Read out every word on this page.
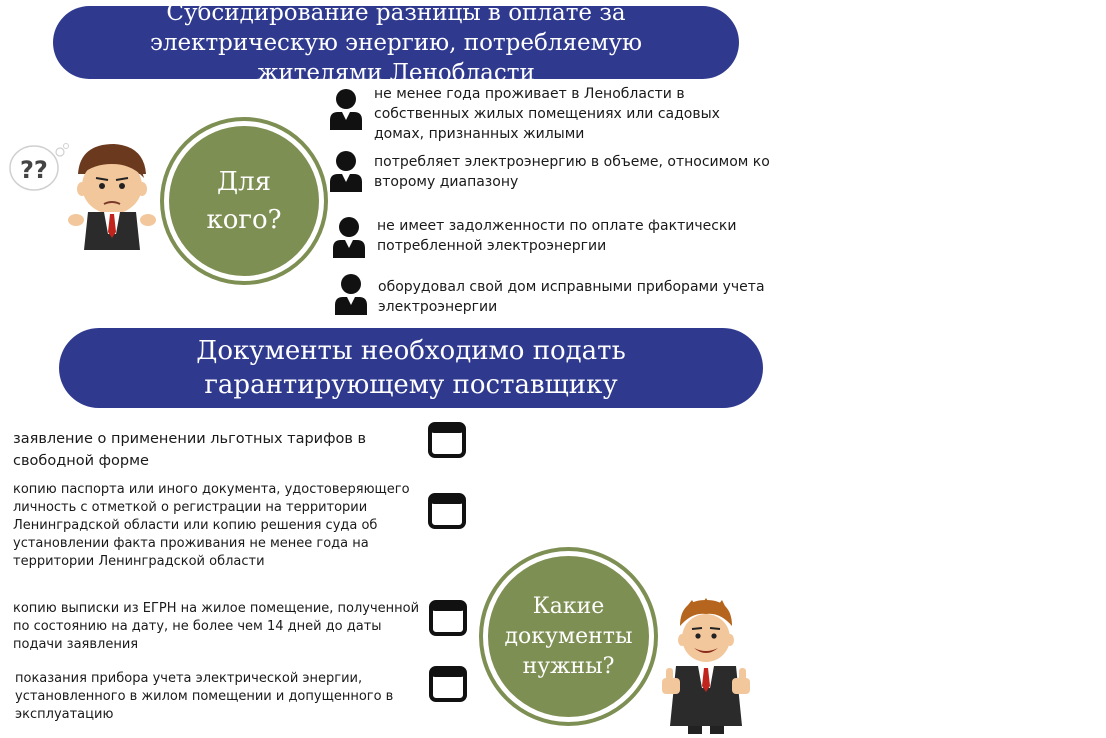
Субсидирование разницы в оплате за электрическую энергию, потребляемую жителями Ленобласти
??	Для
кого?
не менее года проживает в Ленобласти в собственных жилых помещениях или садовых домах, признанных жилыми
потребляет электроэнергию в объеме, относимом ко второму диапазону
не имеет задолженности по оплате фактически потребленной электроэнергии
оборудовал свой дом исправными приборами учета электроэнергии
Документы необходимо подать гарантирующему поставщику
заявление о применении льготных тарифов в свободной форме
копию паспорта или иного документа, удостоверяющего личность с отметкой о регистрации на территории Ленинградской области или копию решения суда об установлении факта проживания не менее года на территории Ленинградской области
копию выписки из ЕГРН на жилое помещение, полученной по состоянию на дату, не более чем 14 дней до даты подачи заявления
показания прибора учета электрической энергии, установленного в жилом помещении и допущенного в эксплуатацию
Какие
документы
нужны?
